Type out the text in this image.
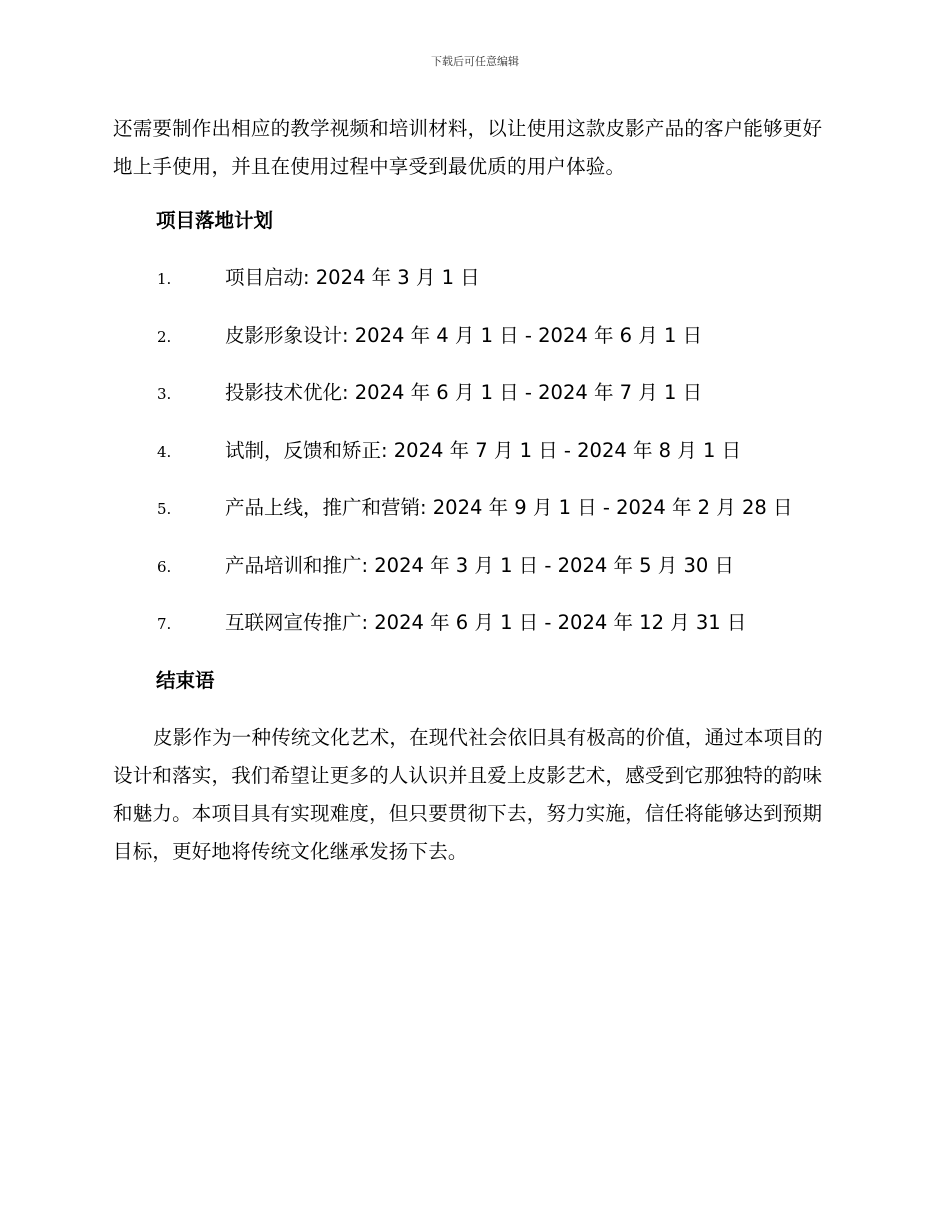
下载后可任意编辑

还需要制作出相应的教学视频和培训材料，以让使用这款皮影产品的客户能够更好地上手使用，并且在使用过程中享受到最优质的用户体验。

项目落地计划
1.	项目启动: 2024 年 3 月 1 日
2.	皮影形象设计: 2024 年 4 月 1 日 - 2024 年 6 月 1 日
3.	投影技术优化: 2024 年 6 月 1 日 - 2024 年 7 月 1 日
4.	试制，反馈和矫正: 2024 年 7 月 1 日 - 2024 年 8 月 1 日
5.	产品上线，推广和营销: 2024 年 9 月 1 日 - 2024 年 2 月 28 日
6.	产品培训和推广: 2024 年 3 月 1 日 - 2024 年 5 月 30 日
7.	互联网宣传推广: 2024 年 6 月 1 日 - 2024 年 12 月 31 日
结束语

皮影作为一种传统文化艺术，在现代社会依旧具有极高的价值，通过本项目的设计和落实，我们希望让更多的人认识并且爱上皮影艺术，感受到它那独特的韵味和魅力。本项目具有实现难度，但只要贯彻下去，努力实施，信任将能够达到预期目标，更好地将传统文化继承发扬下去。
